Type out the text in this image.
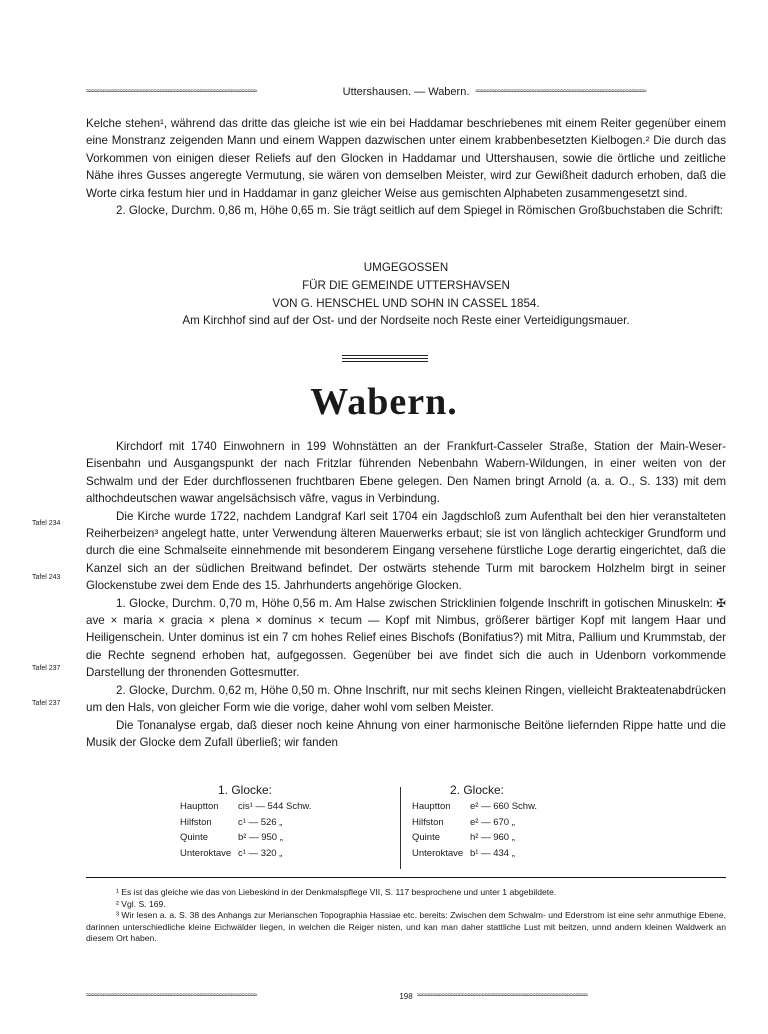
≈≈≈≈≈≈≈≈≈≈≈≈≈≈≈≈≈≈≈≈≈≈≈≈≈≈≈≈≈≈≈≈≈≈≈≈≈≈≈≈≈≈≈≈≈≈≈≈≈≈≈≈≈≈≈≈≈≈≈≈
Uttershausen. — Wabern.
≈≈≈≈≈≈≈≈≈≈≈≈≈≈≈≈≈≈≈≈≈≈≈≈≈≈≈≈≈≈≈≈≈≈≈≈≈≈≈≈≈≈≈≈≈≈≈≈≈≈≈≈≈≈≈≈≈≈≈≈

Kelche stehen¹, während das dritte das gleiche ist wie ein bei Haddamar beschriebenes mit einem Reiter gegenüber einem eine Monstranz zeigenden Mann und einem Wappen dazwischen unter einem krabbenbesetzten Kielbogen.² Die durch das Vorkommen von einigen dieser Reliefs auf den Glocken in Haddamar und Uttershausen, sowie die örtliche und zeitliche Nähe ihres Gusses angeregte Vermutung, sie wären von demselben Meister, wird zur Gewißheit dadurch erhoben, daß die Worte cirka festum hier und in Haddamar in ganz gleicher Weise aus gemischten Alphabeten zusammengesetzt sind.

2. Glocke, Durchm. 0,86 m, Höhe 0,65 m. Sie trägt seitlich auf dem Spiegel in Römischen Großbuchstaben die Schrift:

UMGEGOSSEN
FÜR DIE GEMEINDE UTTERSHAVSEN
VON G. HENSCHEL UND SOHN IN CASSEL 1854.
Am Kirchhof sind auf der Ost- und der Nordseite noch Reste einer Verteidigungsmauer.
Wabern.
Tafel 234
Tafel 243
Tafel 237
Tafel 237

Kirchdorf mit 1740 Einwohnern in 199 Wohnstätten an der Frankfurt-Casseler Straße, Station der Main-Weser-Eisenbahn und Ausgangspunkt der nach Fritzlar führenden Nebenbahn Wabern-Wildungen, in einer weiten von der Schwalm und der Eder durchflossenen fruchtbaren Ebene gelegen. Den Namen bringt Arnold (a. a. O., S. 133) mit dem althochdeutschen wawar angelsächsisch vâfre, vagus in Verbindung.

Die Kirche wurde 1722, nachdem Landgraf Karl seit 1704 ein Jagdschloß zum Aufenthalt bei den hier veranstalteten Reiherbeizen³ angelegt hatte, unter Verwendung älteren Mauerwerks erbaut; sie ist von länglich achteckiger Grundform und durch die eine Schmalseite einnehmende mit besonderem Eingang versehene fürstliche Loge derartig eingerichtet, daß die Kanzel sich an der südlichen Breitwand befindet. Der ostwärts stehende Turm mit barockem Holzhelm birgt in seiner Glockenstube zwei dem Ende des 15. Jahrhunderts angehörige Glocken.

1. Glocke, Durchm. 0,70 m, Höhe 0,56 m. Am Halse zwischen Stricklinien folgende Inschrift in gotischen Minuskeln: ✠ ave × maria × gracia × plena × dominus × tecum — Kopf mit Nimbus, größerer bärtiger Kopf mit langem Haar und Heiligenschein. Unter dominus ist ein 7 cm hohes Relief eines Bischofs (Bonifatius?) mit Mitra, Pallium und Krummstab, der die Rechte segnend erhoben hat, aufgegossen. Gegenüber bei ave findet sich die auch in Udenborn vorkommende Darstellung der thronenden Gottesmutter.

2. Glocke, Durchm. 0,62 m, Höhe 0,50 m. Ohne Inschrift, nur mit sechs kleinen Ringen, vielleicht Brakteatenabdrücken um den Hals, von gleicher Form wie die vorige, daher wohl vom selben Meister.

Die Tonanalyse ergab, daß dieser noch keine Ahnung von einer harmonische Beitöne liefernden Rippe hatte und die Musik der Glocke dem Zufall überließ; wir fanden

1. Glocke:
Hauptton	cis¹ — 544 Schw.
Hilfston	c¹ — 526 „
Quinte	b² — 950 „
Unteroktave c¹ — 320 „
2. Glocke:
Hauptton	e² — 660 Schw.
Hilfston	e² — 670 „
Quinte	h² — 960 „
Unteroktave b¹ — 434 „

¹ Es ist das gleiche wie das von Liebeskind in der Denkmalspflege VII, S. 117 besprochene und unter 1 abgebildete.

² Vgl. S. 169.

³ Wir lesen a. a. S. 38 des Anhangs zur Merianschen Topographia Hassiae etc. bereits: Zwischen dem Schwalm- und Ederstrom ist eine sehr anmuthige Ebene, darinnen unterschiedliche kleine Eichwälder liegen, in welchen die Reiger nisten, und kan man daher stattliche Lust mit beitzen, unnd andern kleinen Waldwerk an diesem Ort haben.

≈≈≈≈≈≈≈≈≈≈≈≈≈≈≈≈≈≈≈≈≈≈≈≈≈≈≈≈≈≈≈≈≈≈≈≈≈≈≈≈≈≈≈≈≈≈≈≈≈≈≈≈≈≈≈≈≈≈≈≈
198
≈≈≈≈≈≈≈≈≈≈≈≈≈≈≈≈≈≈≈≈≈≈≈≈≈≈≈≈≈≈≈≈≈≈≈≈≈≈≈≈≈≈≈≈≈≈≈≈≈≈≈≈≈≈≈≈≈≈≈≈
